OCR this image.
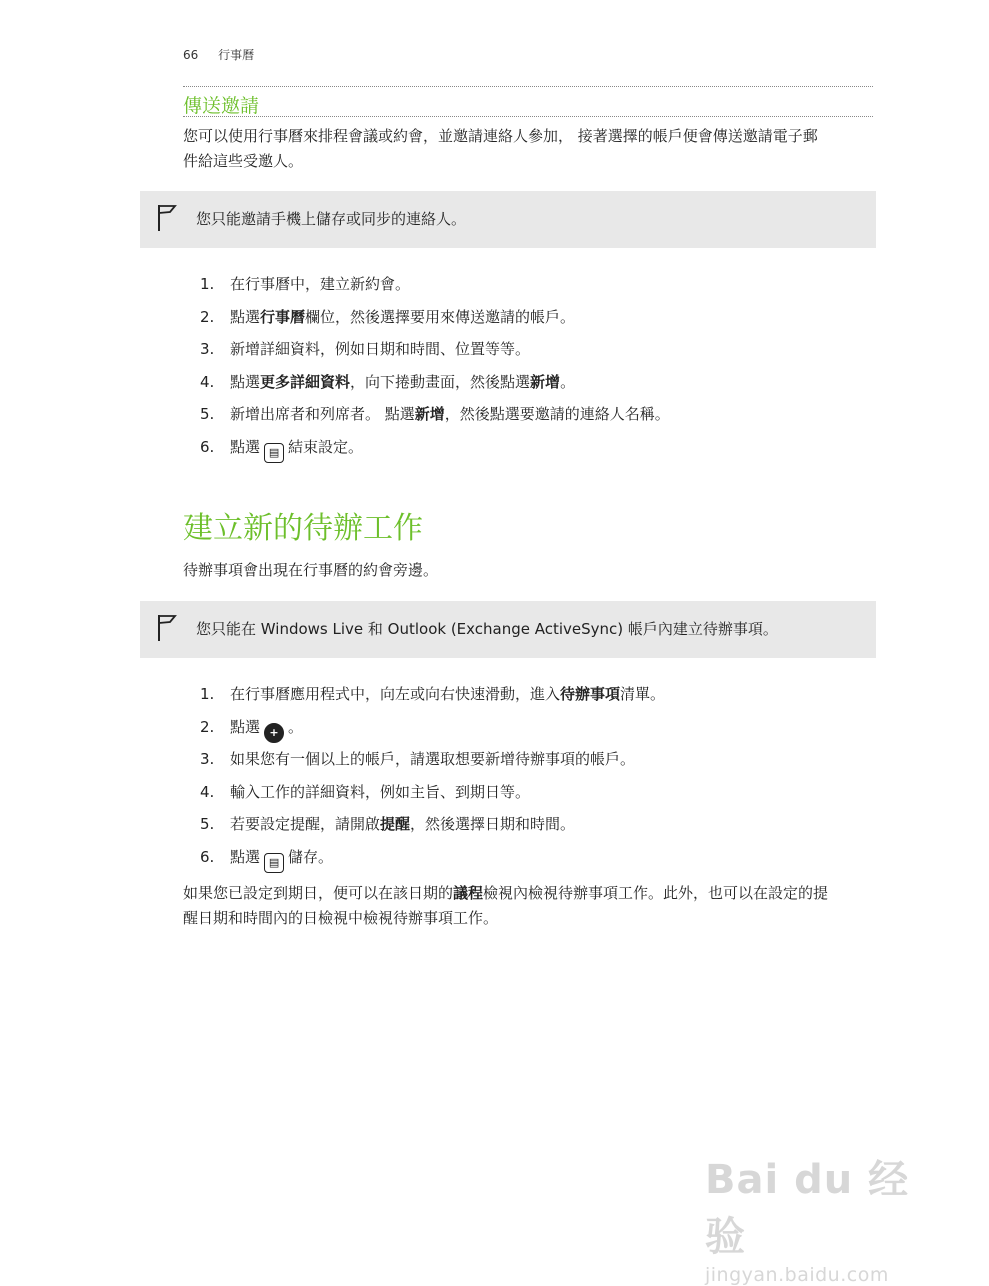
66 行事曆
傳送邀請
您可以使用行事曆來排程會議或約會，並邀請連絡人參加， 接著選擇的帳戶便會傳送邀請電子郵
件給這些受邀人。
您只能邀請手機上儲存或同步的連絡人。
1.	在行事曆中，建立新約會。
2.	點選行事曆欄位，然後選擇要用來傳送邀請的帳戶。
3.	新增詳細資料，例如日期和時間、位置等等。
4.	點選更多詳細資料，向下捲動畫面，然後點選新增。
5.	新增出席者和列席者。 點選新增，然後點選要邀請的連絡人名稱。
6.	點選 ▤ 結束設定。
建立新的待辦工作
待辦事項會出現在行事曆的約會旁邊。
您只能在 Windows Live 和 Outlook (Exchange ActiveSync) 帳戶內建立待辦事項。
1.	在行事曆應用程式中，向左或向右快速滑動，進入待辦事項清單。
2.	點選 + 。
3.	如果您有一個以上的帳戶，請選取想要新增待辦事項的帳戶。
4.	輸入工作的詳細資料，例如主旨、到期日等。
5.	若要設定提醒，請開啟提醒，然後選擇日期和時間。
6.	點選 ▤ 儲存。
如果您已設定到期日，便可以在該日期的議程檢視內檢視待辦事項工作。此外，也可以在設定的提
醒日期和時間內的日檢視中檢視待辦事項工作。
Bai du 经验
jingyan.baidu.com
